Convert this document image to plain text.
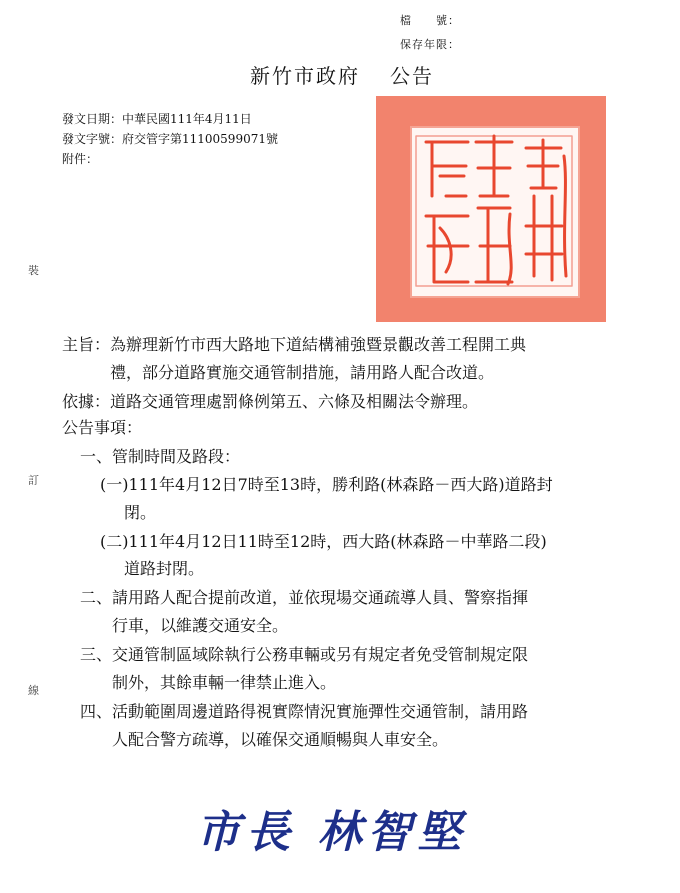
檔　　號：
保存年限：
新竹市政府 公告
發文日期：中華民國111年4月11日
發文字號：府交管字第11100599071號
附件：
裝
訂
線
主旨：為辦理新竹市西大路地下道結構補強暨景觀改善工程開工典
禮，部分道路實施交通管制措施，請用路人配合改道。
依據：道路交通管理處罰條例第五、六條及相關法令辦理。
公告事項：
一、管制時間及路段：
(一)111年4月12日7時至13時，勝利路(林森路－西大路)道路封
閉。
(二)111年4月12日11時至12時，西大路(林森路－中華路二段)
道路封閉。
二、請用路人配合提前改道，並依現場交通疏導人員、警察指揮
行車，以維護交通安全。
三、交通管制區域除執行公務車輛或另有規定者免受管制規定限
制外，其餘車輛一律禁止進入。
四、活動範圍周邊道路得視實際情況實施彈性交通管制，請用路
人配合警方疏導，以確保交通順暢與人車安全。
市長 林智堅
